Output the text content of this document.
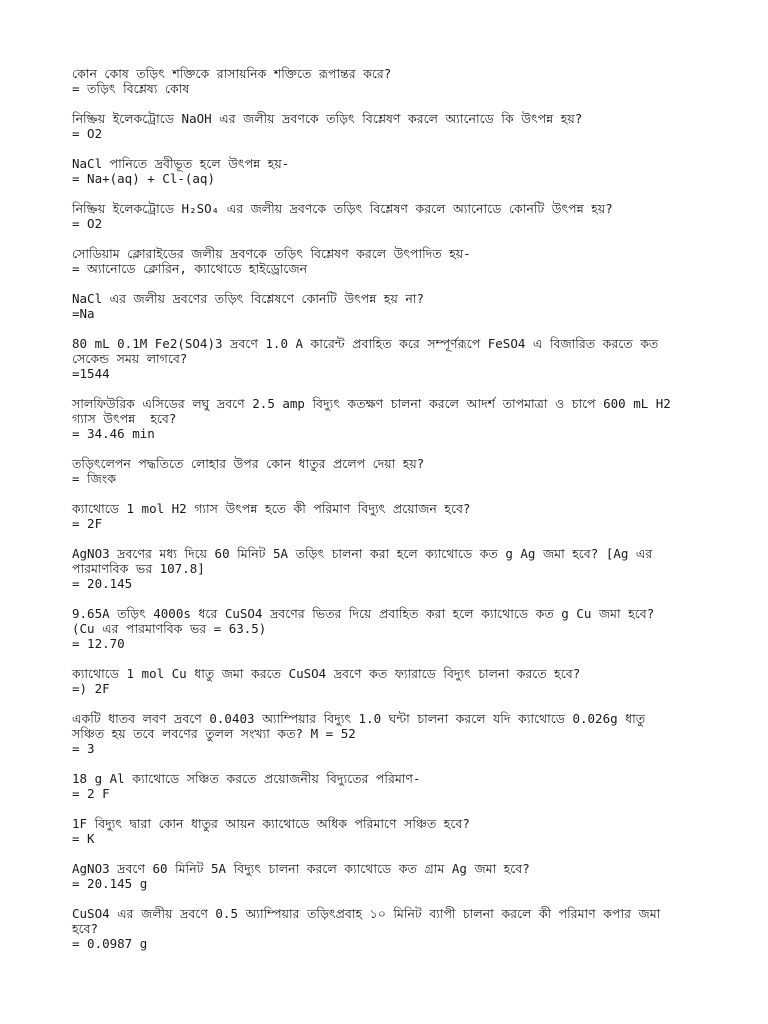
কোন কোষ তড়িৎ শক্তিকে রাসায়নিক শক্তিতে রূপান্তর করে?
= তড়িৎ বিশ্লেষ্য কোষ
নিষ্ক্রিয় ইলেকট্রোডে NaOH এর জলীয় দ্রবণকে তড়িৎ বিশ্লেষণ করলে অ্যানোডে কি উৎপন্ন হয়?
= O2
NaCl পানিতে দ্রবীভূত হলে উৎপন্ন হয়-
= Na+(aq) + Cl-(aq)
নিষ্ক্রিয় ইলেকট্রোডে H₂SO₄ এর জলীয় দ্রবণকে তড়িৎ বিশ্লেষণ করলে অ্যানোডে কোনটি উৎপন্ন হয়?
= O2
সোডিয়াম ক্লোরাইডের জলীয় দ্রবণকে তড়িৎ বিশ্লেষণ করলে উৎপাদিত হয়-
= অ্যানোডে ক্লোরিন, ক্যাথোডে হাইড্রোজেন
NaCl এর জলীয় দ্রবণের তড়িৎ বিশ্লেষণে কোনটি উৎপন্ন হয় না?
=Na
80 mL 0.1M Fe2(SO4)3 দ্রবণে 1.0 A কারেন্ট প্রবাহিত করে সম্পূর্ণরূপে FeSO4 এ বিজারিত করতে কত সেকেন্ড সময় লাগবে?
=1544
সালফিউরিক এসিডের লঘু দ্রবণে 2.5 amp বিদ্যুৎ কতক্ষণ চালনা করলে আদর্শ তাপমাত্রা ও চাপে 600 mL H2 গ্যাস উৎপন্ন  হবে?
= 34.46 min
তড়িৎলেপন পদ্ধতিতে লোহার উপর কোন ধাতুর প্রলেপ দেয়া হয়?
= জিংক
ক্যাথোডে 1 mol H2 গ্যাস উৎপন্ন হতে কী পরিমাণ বিদ্যুৎ প্রয়োজন হবে?
= 2F
AgNO3 দ্রবণের মধ্য দিয়ে 60 মিনিট 5A তড়িৎ চালনা করা হলে ক্যাথোডে কত g Ag জমা হবে? [Ag এর পারমাণবিক ভর 107.8]
= 20.145
9.65A তড়িৎ 4000s ধরে CuSO4 দ্রবণের ভিতর দিয়ে প্রবাহিত করা হলে ক্যাথোডে কত g Cu জমা হবে? (Cu এর পারমাণবিক ভর = 63.5)
= 12.70
ক্যাথোডে 1 mol Cu ধাতু জমা করতে CuSO4 দ্রবণে কত ফ্যারাডে বিদ্যুৎ চালনা করতে হবে?
=) 2F
একটি ধাতব লবণ দ্রবণে 0.0403 অ্যাম্পিয়ার বিদ্যুৎ 1.0 ঘন্টা চালনা করলে যদি ক্যাথোডে 0.026g ধাতু সঞ্চিত হয় তবে লবণের তুলল সংখ্যা কত? M = 52
= 3
18 g Al ক্যাথোডে সঞ্চিত করতে প্রয়োজনীয় বিদ্যুতের পরিমাণ-
= 2 F
1F বিদ্যুৎ দ্বারা কোন ধাতুর আয়ন ক্যাথোডে অধিক পরিমাণে সঞ্চিত হবে?
= K
AgNO3 দ্রবণে 60 মিনিট 5A বিদ্যুৎ চালনা করলে ক্যাথোডে কত গ্রাম Ag জমা হবে?
= 20.145 g
CuSO4 এর জলীয় দ্রবণে 0.5 অ্যাম্পিয়ার তড়িৎপ্রবাহ ১০ মিনিট ব্যাপী চালনা করলে কী পরিমাণ কপার জমা হবে?
= 0.0987 g
